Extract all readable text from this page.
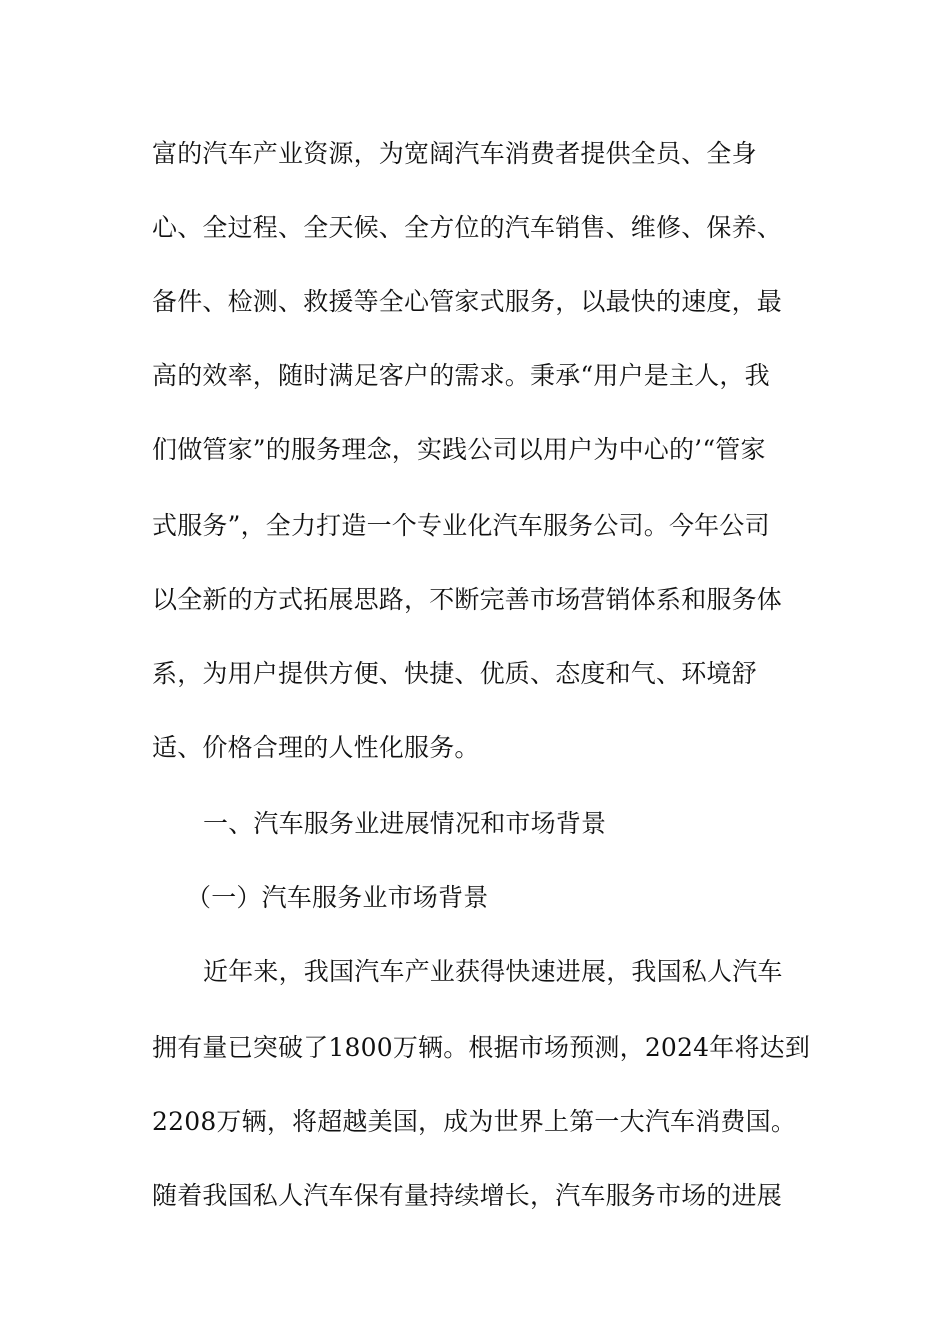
富的汽车产业资源，为宽阔汽车消费者提供全员、全身
心、全过程、全天候、全方位的汽车销售、维修、保养、
备件、检测、救援等全心管家式服务，以最快的速度，最
高的效率，随时满足客户的需求。秉承“用户是主人，我
们做管家”的服务理念，实践公司以用户为中心的’“管家
式服务”，全力打造一个专业化汽车服务公司。今年公司
以全新的方式拓展思路，不断完善市场营销体系和服务体
系，为用户提供方便、快捷、优质、态度和气、环境舒
适、价格合理的人性化服务。
一、汽车服务业进展情况和市场背景
（一）汽车服务业市场背景
近年来，我国汽车产业获得快速进展，我国私人汽车
拥有量已突破了1800万辆。根据市场预测，2024年将达到
2208万辆，将超越美国，成为世界上第一大汽车消费国。
随着我国私人汽车保有量持续增长，汽车服务市场的进展
